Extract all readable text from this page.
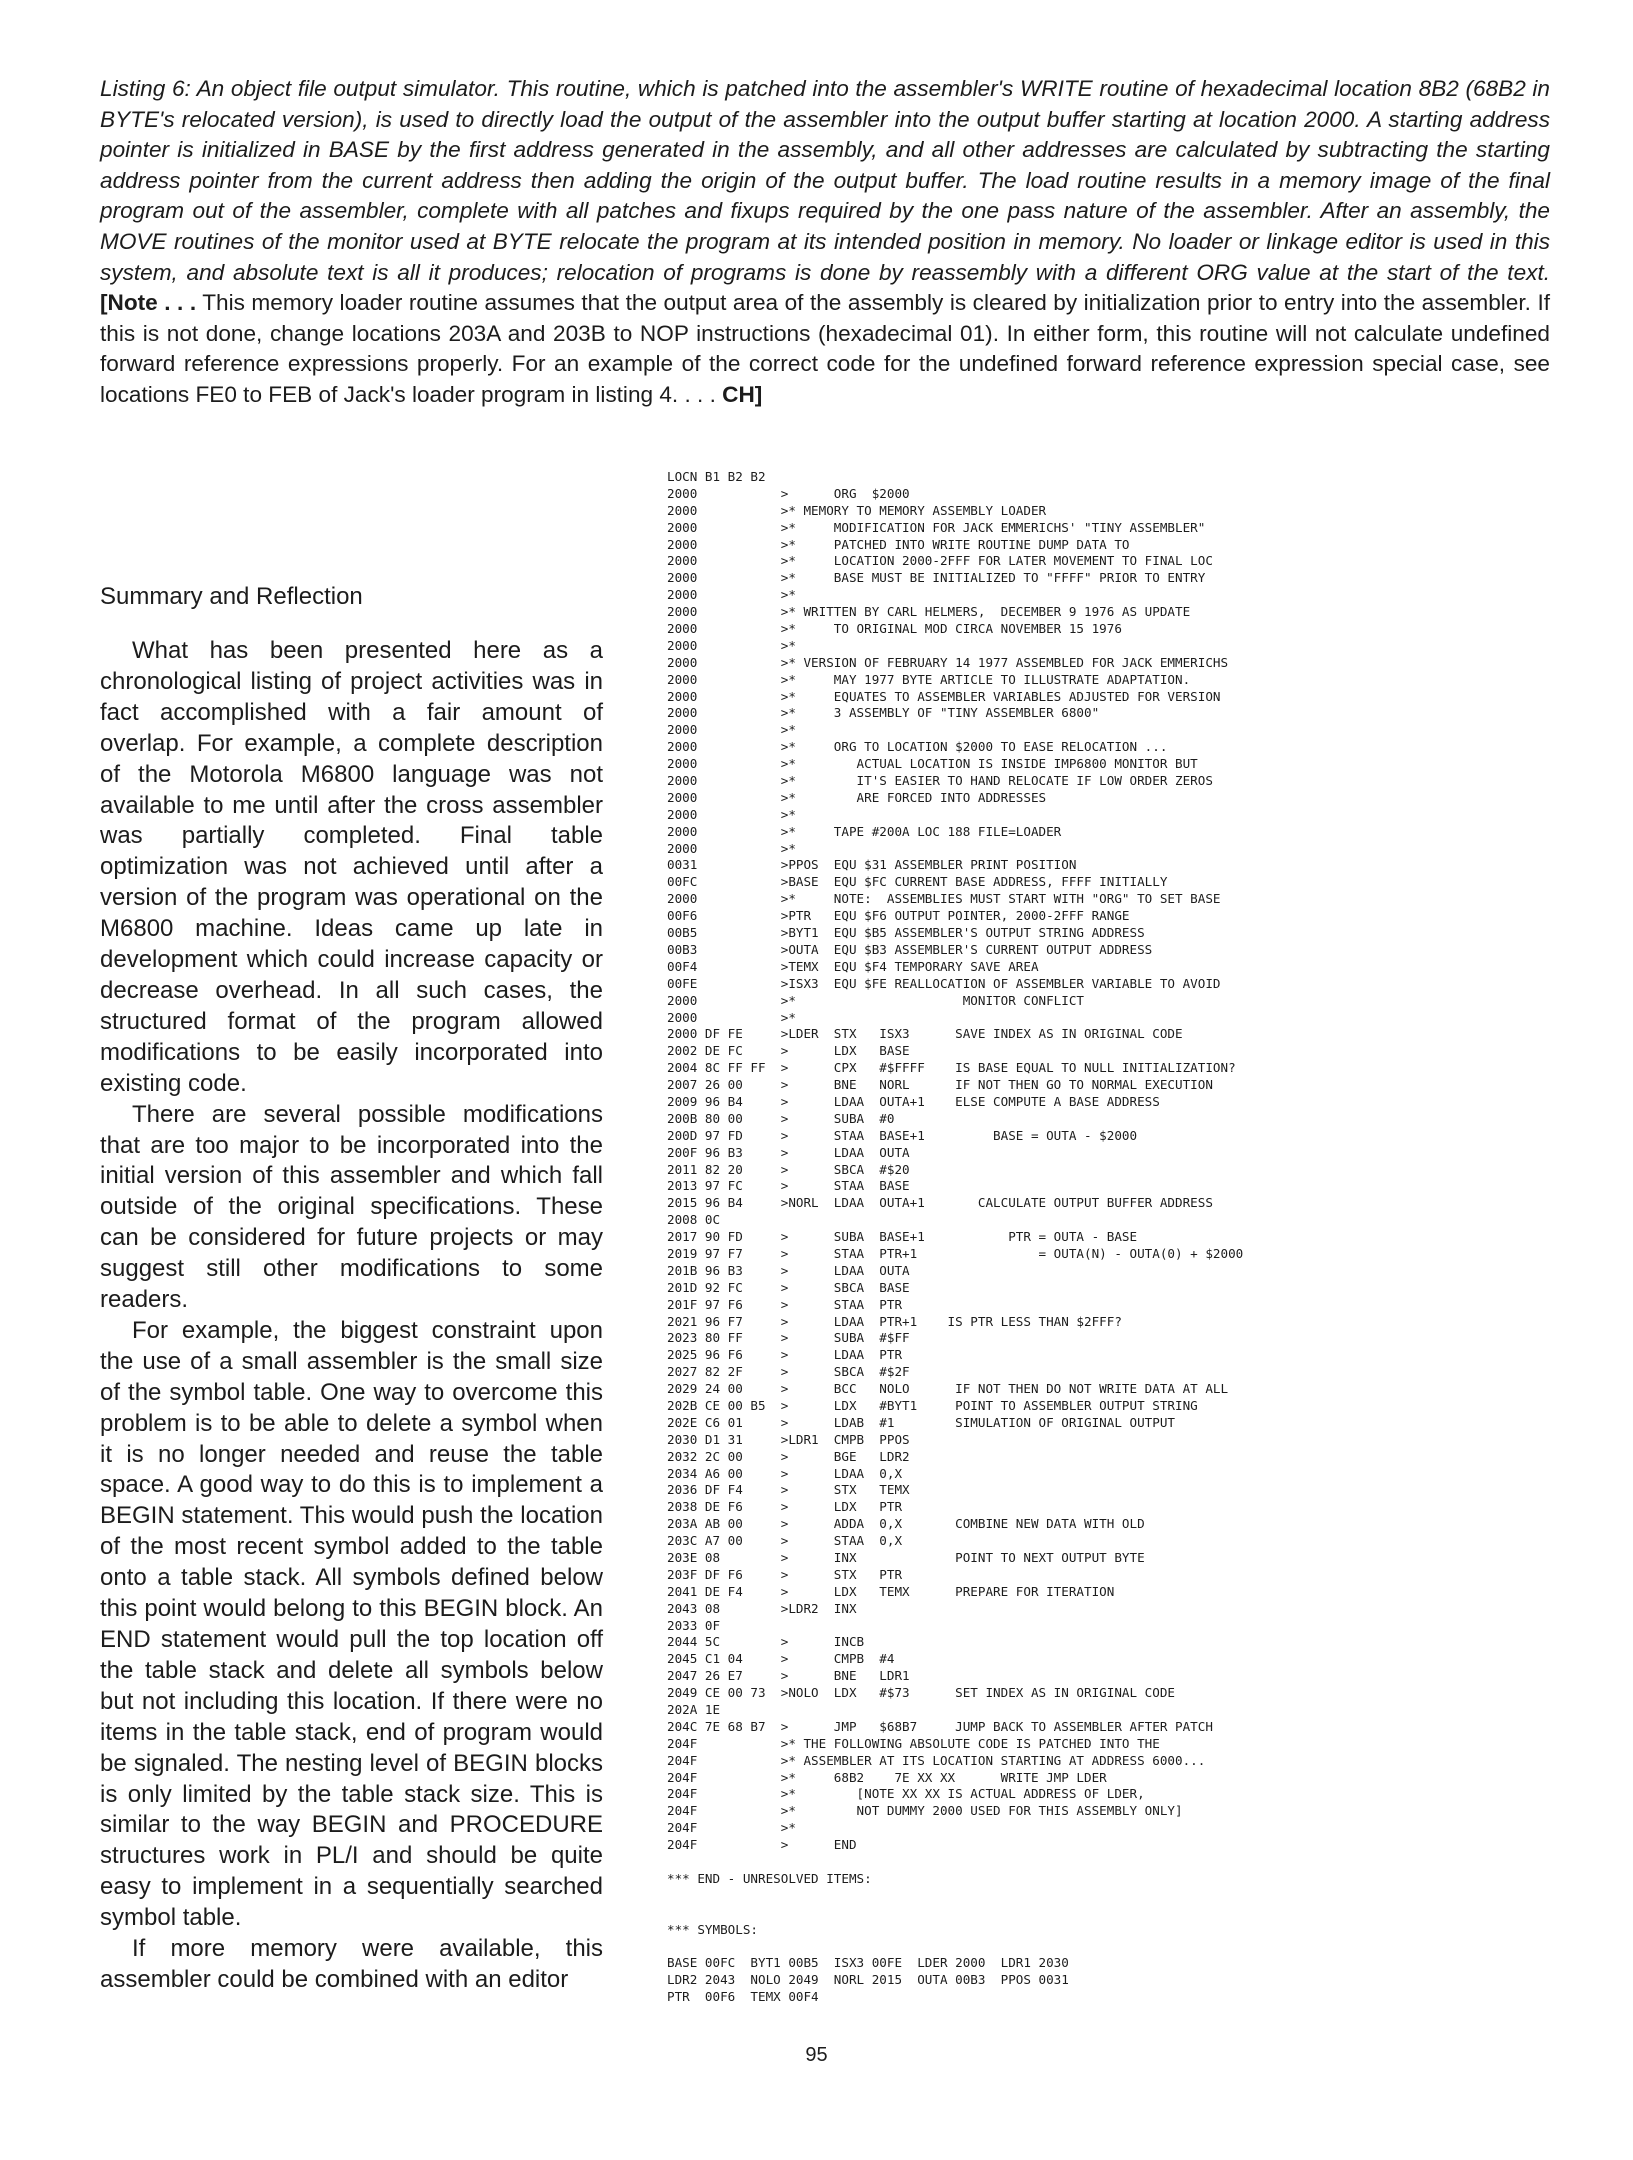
Listing 6: An object file output simulator. This routine, which is patched into the assembler's WRITE routine of hexadecimal location 8B2 (68B2 in BYTE's relocated version), is used to directly load the output of the assembler into the output buffer starting at location 2000. A starting address pointer is initialized in BASE by the first address generated in the assembly, and all other addresses are calculated by subtracting the starting address pointer from the current address then adding the origin of the output buffer. The load routine results in a memory image of the final program out of the assembler, complete with all patches and fixups required by the one pass nature of the assembler. After an assembly, the MOVE routines of the monitor used at BYTE relocate the program at its intended position in memory. No loader or linkage editor is used in this system, and absolute text is all it produces; relocation of programs is done by reassembly with a different ORG value at the start of the text. [Note . . . This memory loader routine assumes that the output area of the assembly is cleared by initialization prior to entry into the assembler. If this is not done, change locations 203A and 203B to NOP instructions (hexadecimal 01). In either form, this routine will not calculate undefined forward reference expressions properly. For an example of the correct code for the undefined forward reference expression special case, see locations FE0 to FEB of Jack's loader program in listing 4. . . . CH]

Summary and Reflection

What has been presented here as a chronological listing of project activities was in fact accomplished with a fair amount of overlap. For example, a complete description of the Motorola M6800 language was not available to me until after the cross assembler was partially completed. Final table optimization was not achieved until after a version of the program was operational on the M6800 machine. Ideas came up late in development which could increase capacity or decrease overhead. In all such cases, the structured format of the program allowed modifications to be easily incorporated into existing code.

There are several possible modifications that are too major to be incorporated into the initial version of this assembler and which fall outside of the original specifications. These can be considered for future projects or may suggest still other modifications to some readers.

For example, the biggest constraint upon the use of a small assembler is the small size of the symbol table. One way to overcome this problem is to be able to delete a symbol when it is no longer needed and reuse the table space. A good way to do this is to implement a BEGIN statement. This would push the location of the most recent symbol added to the table onto a table stack. All symbols defined below this point would belong to this BEGIN block. An END statement would pull the top location off the table stack and delete all symbols below but not including this location. If there were no items in the table stack, end of program would be signaled. The nesting level of BEGIN blocks is only limited by the table stack size. This is similar to the way BEGIN and PROCEDURE structures work in PL/I and should be quite easy to implement in a sequentially searched symbol table.

If more memory were available, this assembler could be combined with an editor

LOCN B1 B2 B2
2000           >      ORG  $2000
2000           >* MEMORY TO MEMORY ASSEMBLY LOADER
2000           >*     MODIFICATION FOR JACK EMMERICHS' "TINY ASSEMBLER"
2000           >*     PATCHED INTO WRITE ROUTINE DUMP DATA TO
2000           >*     LOCATION 2000-2FFF FOR LATER MOVEMENT TO FINAL LOC
2000           >*     BASE MUST BE INITIALIZED TO "FFFF" PRIOR TO ENTRY
2000           >*
2000           >* WRITTEN BY CARL HELMERS,  DECEMBER 9 1976 AS UPDATE
2000           >*     TO ORIGINAL MOD CIRCA NOVEMBER 15 1976
2000           >*
2000           >* VERSION OF FEBRUARY 14 1977 ASSEMBLED FOR JACK EMMERICHS
2000           >*     MAY 1977 BYTE ARTICLE TO ILLUSTRATE ADAPTATION.
2000           >*     EQUATES TO ASSEMBLER VARIABLES ADJUSTED FOR VERSION
2000           >*     3 ASSEMBLY OF "TINY ASSEMBLER 6800"
2000           >*
2000           >*     ORG TO LOCATION $2000 TO EASE RELOCATION ...
2000           >*        ACTUAL LOCATION IS INSIDE IMP6800 MONITOR BUT
2000           >*        IT'S EASIER TO HAND RELOCATE IF LOW ORDER ZEROS
2000           >*        ARE FORCED INTO ADDRESSES
2000           >*
2000           >*     TAPE #200A LOC 188 FILE=LOADER
2000           >*
0031           >PPOS  EQU $31 ASSEMBLER PRINT POSITION
00FC           >BASE  EQU $FC CURRENT BASE ADDRESS, FFFF INITIALLY
2000           >*     NOTE:  ASSEMBLIES MUST START WITH "ORG" TO SET BASE
00F6           >PTR   EQU $F6 OUTPUT POINTER, 2000-2FFF RANGE
00B5           >BYT1  EQU $B5 ASSEMBLER'S OUTPUT STRING ADDRESS
00B3           >OUTA  EQU $B3 ASSEMBLER'S CURRENT OUTPUT ADDRESS
00F4           >TEMX  EQU $F4 TEMPORARY SAVE AREA
00FE           >ISX3  EQU $FE REALLOCATION OF ASSEMBLER VARIABLE TO AVOID
2000           >*                      MONITOR CONFLICT
2000           >*
2000 DF FE     >LDER  STX   ISX3      SAVE INDEX AS IN ORIGINAL CODE
2002 DE FC     >      LDX   BASE
2004 8C FF FF  >      CPX   #$FFFF    IS BASE EQUAL TO NULL INITIALIZATION?
2007 26 00     >      BNE   NORL      IF NOT THEN GO TO NORMAL EXECUTION
2009 96 B4     >      LDAA  OUTA+1    ELSE COMPUTE A BASE ADDRESS
200B 80 00     >      SUBA  #0
200D 97 FD     >      STAA  BASE+1         BASE = OUTA - $2000
200F 96 B3     >      LDAA  OUTA
2011 82 20     >      SBCA  #$20
2013 97 FC     >      STAA  BASE
2015 96 B4     >NORL  LDAA  OUTA+1       CALCULATE OUTPUT BUFFER ADDRESS
2008 0C
2017 90 FD     >      SUBA  BASE+1           PTR = OUTA - BASE
2019 97 F7     >      STAA  PTR+1                = OUTA(N) - OUTA(0) + $2000
201B 96 B3     >      LDAA  OUTA
201D 92 FC     >      SBCA  BASE
201F 97 F6     >      STAA  PTR
2021 96 F7     >      LDAA  PTR+1    IS PTR LESS THAN $2FFF?
2023 80 FF     >      SUBA  #$FF
2025 96 F6     >      LDAA  PTR
2027 82 2F     >      SBCA  #$2F
2029 24 00     >      BCC   NOLO      IF NOT THEN DO NOT WRITE DATA AT ALL
202B CE 00 B5  >      LDX   #BYT1     POINT TO ASSEMBLER OUTPUT STRING
202E C6 01     >      LDAB  #1        SIMULATION OF ORIGINAL OUTPUT
2030 D1 31     >LDR1  CMPB  PPOS
2032 2C 00     >      BGE   LDR2
2034 A6 00     >      LDAA  0,X
2036 DF F4     >      STX   TEMX
2038 DE F6     >      LDX   PTR
203A AB 00     >      ADDA  0,X       COMBINE NEW DATA WITH OLD
203C A7 00     >      STAA  0,X
203E 08        >      INX             POINT TO NEXT OUTPUT BYTE
203F DF F6     >      STX   PTR
2041 DE F4     >      LDX   TEMX      PREPARE FOR ITERATION
2043 08        >LDR2  INX
2033 0F
2044 5C        >      INCB
2045 C1 04     >      CMPB  #4
2047 26 E7     >      BNE   LDR1
2049 CE 00 73  >NOLO  LDX   #$73      SET INDEX AS IN ORIGINAL CODE
202A 1E
204C 7E 68 B7  >      JMP   $68B7     JUMP BACK TO ASSEMBLER AFTER PATCH
204F           >* THE FOLLOWING ABSOLUTE CODE IS PATCHED INTO THE
204F           >* ASSEMBLER AT ITS LOCATION STARTING AT ADDRESS 6000...
204F           >*     68B2    7E XX XX      WRITE JMP LDER
204F           >*        [NOTE XX XX IS ACTUAL ADDRESS OF LDER,
204F           >*        NOT DUMMY 2000 USED FOR THIS ASSEMBLY ONLY]
204F           >*
204F           >      END
*** END - UNRESOLVED ITEMS:
*** SYMBOLS:
BASE 00FC  BYT1 00B5  ISX3 00FE  LDER 2000  LDR1 2030
LDR2 2043  NOLO 2049  NORL 2015  OUTA 00B3  PPOS 0031
PTR  00F6  TEMX 00F4
95
